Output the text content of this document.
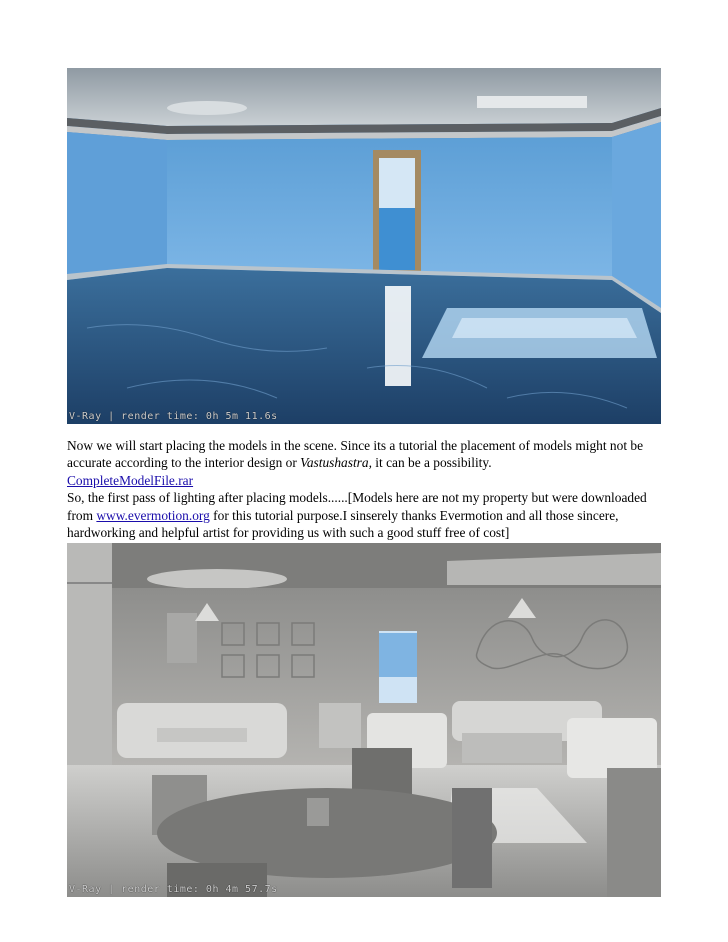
V-Ray | render time: 0h 5m 11.6s

Now we will start placing the models in the scene. Since its a tutorial the placement of models might not be accurate according to the interior design or Vastushastra, it can be a possibility.

CompleteModelFile.rar

So, the first pass of lighting after placing models......[Models here are not my property but were downloaded from www.evermotion.org for this tutorial purpose.I sinserely thanks Evermotion and all those sincere, hardworking and helpful artist for providing us with such a good stuff free of cost]

V-Ray | render time: 0h 4m 57.7s
